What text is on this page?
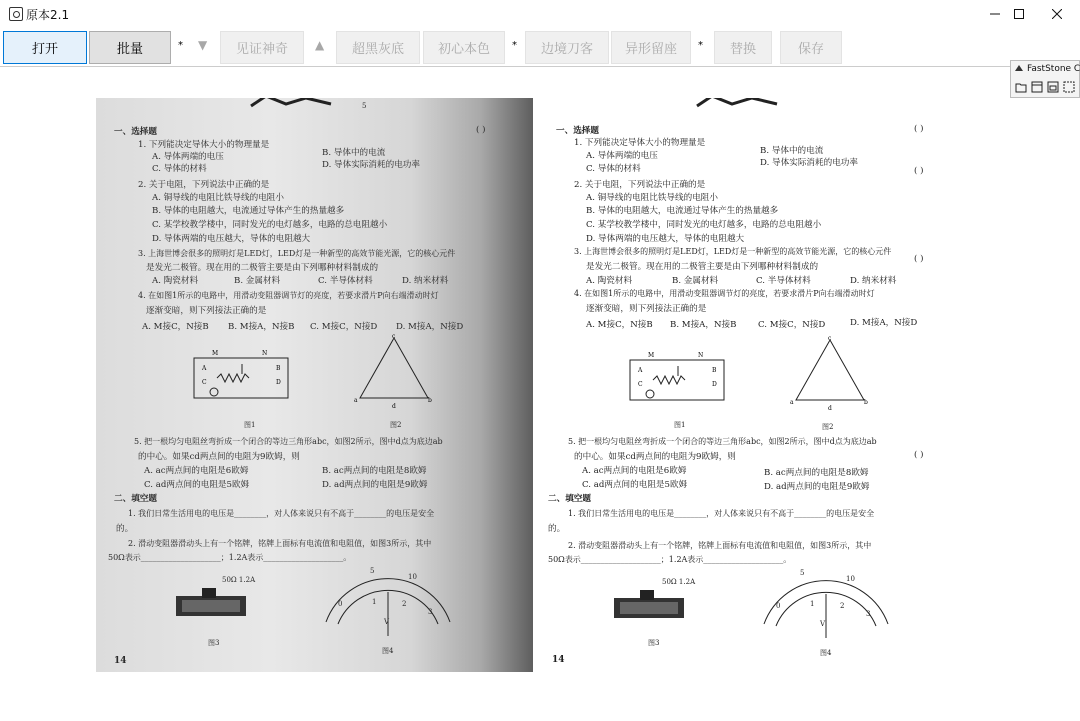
原本2.1
打开	批量	* ▼	见证神奇	▲	超黑灰底	初心本色	*	边境刀客	异形留座	*	替换	保存
一、选择题	( )
1. 下列能决定导体大小的物理量是
A. 导体两端的电压	B. 导体中的电流
C. 导体的材料	D. 导体实际消耗的电功率
2. 关于电阻，下列说法中正确的是
A. 铜导线的电阻比铁导线的电阻小
B. 导体的电阻越大，电流通过导体产生的热量越多
C. 某学校教学楼中，同时发光的电灯越多，电路的总电阻越小
D. 导体两端的电压越大，导体的电阻越大
3. 上海世博会很多的照明灯是LED灯，LED灯是一种新型的高效节能光源，它的核心元件
是发光二极管。现在用的二极管主要是由下列哪种材料制成的
A. 陶瓷材料	B. 金属材料	C. 半导体材料	D. 纳米材料
4. 在如图1所示的电路中，用滑动变阻器调节灯的亮度，若要求滑片P向右端滑动时灯
逐渐变暗，则下列接法正确的是
A. M接C，N接B B. M接A，N接B C. M接C，N接D D. M接A，N接D
M	N
A	B
C	D
c
a	b
d
图1	图2
5. 把一根均匀电阻丝弯折成一个闭合的等边三角形abc，如图2所示，图中d点为底边ab
的中心。如果cd两点间的电阻为9欧姆，则
A. ac两点间的电阻是6欧姆	B. ac两点间的电阻是8欧姆
C. ad两点间的电阻是5欧姆	D. ad两点间的电阻是9欧姆
二、填空题
1. 我们日常生活用电的电压是________，对人体来说只有不高于________的电压是安全
的。
2. 滑动变阻器滑动头上有一个铭牌，铭牌上面标有电流值和电阻值，如图3所示，其中
50Ω表示____________________；1.2A表示____________________。
50Ω 1.2A
5
5
10
0	1	2
3
V
图3
图4
14
一、选择题	( )
1. 下列能决定导体大小的物理量是
A. 导体两端的电压	B. 导体中的电流
C. 导体的材料
D. 导体实际消耗的电功率
( )
2. 关于电阻，下列说法中正确的是
A. 铜导线的电阻比铁导线的电阻小
B. 导体的电阻越大，电流通过导体产生的热量越多
C. 某学校教学楼中，同时发光的电灯越多，电路的总电阻越小
D. 导体两端的电压越大，导体的电阻越大
3. 上海世博会很多的照明灯是LED灯，LED灯是一种新型的高效节能光源，它的核心元件
是发光二极管。现在用的二极管主要是由下列哪种材料制成的
( )
A. 陶瓷材料	B. 金属材料	C. 半导体材料	D. 纳米材料
4. 在如图1所示的电路中，用滑动变阻器调节灯的亮度，若要求滑片P向右端滑动时灯
逐渐变暗，则下列接法正确的是
A. M接C，N接B B. M接A，N接B	C. M接C，N接D	D. M接A，N接D
M	N
A	B
C	D
c
a	b
d
图1	图2
5. 把一根均匀电阻丝弯折成一个闭合的等边三角形abc，如图2所示，图中d点为底边ab
的中心。如果cd两点间的电阻为9欧姆，则	( )
A. ac两点间的电阻是6欧姆	B. ac两点间的电阻是8欧姆
C. ad两点间的电阻是5欧姆	D. ad两点间的电阻是9欧姆
二、填空题
1. 我们日常生活用电的电压是________，对人体来说只有不高于________的电压是安全
的。
2. 滑动变阻器滑动头上有一个铭牌，铭牌上面标有电流值和电阻值，如图3所示，其中
50Ω表示____________________；1.2A表示____________________。
50Ω 1.2A
5
10
0	1	2
3
V
图3
图4
14
FastStone C
